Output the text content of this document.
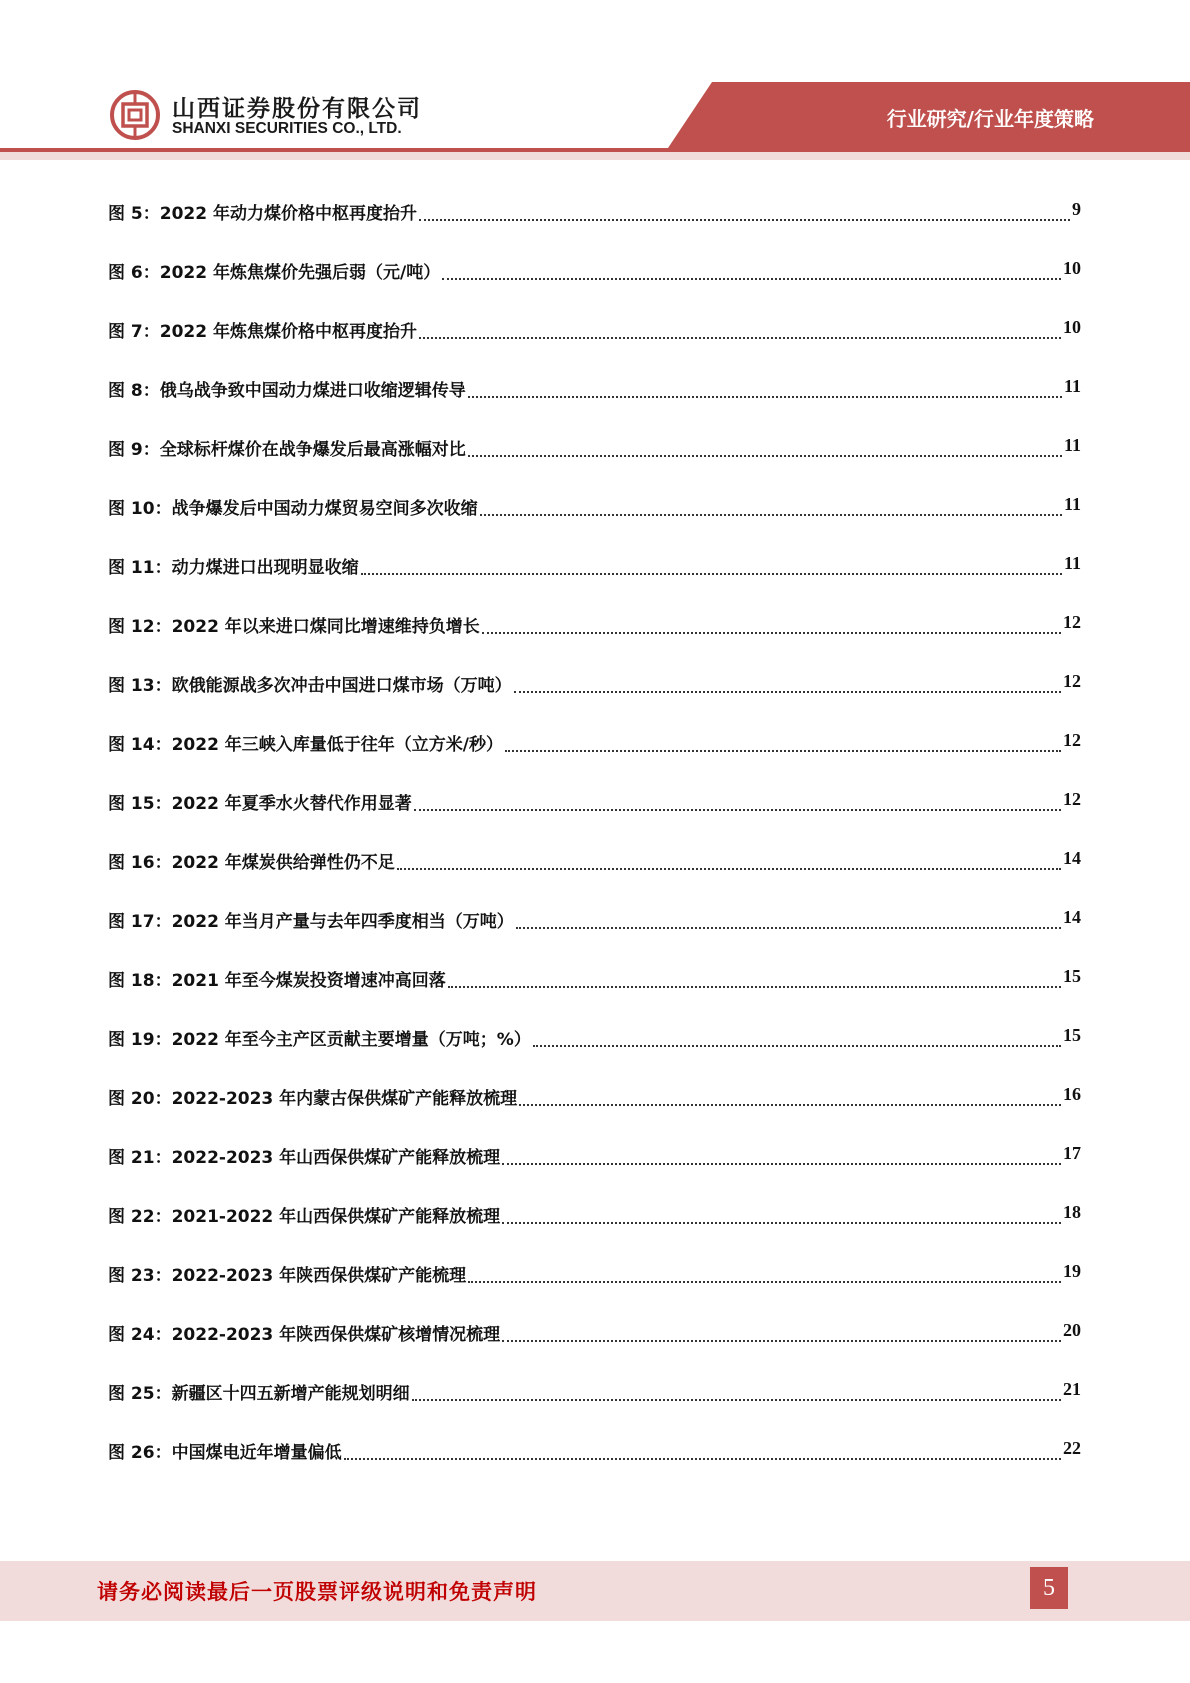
山西证券股份有限公司
SHANXI SECURITIES CO., LTD.	行业研究/行业年度策略
图 5： 2022 年动力煤价格中枢再度抬升	9
图 6： 2022 年炼焦煤价先强后弱（元/吨）	10
图 7： 2022 年炼焦煤价格中枢再度抬升	10
图 8： 俄乌战争致中国动力煤进口收缩逻辑传导	11
图 9： 全球标杆煤价在战争爆发后最高涨幅对比	11
图 10： 战争爆发后中国动力煤贸易空间多次收缩	11
图 11： 动力煤进口出现明显收缩	11
图 12： 2022 年以来进口煤同比增速维持负增长	12
图 13： 欧俄能源战多次冲击中国进口煤市场（万吨）	12
图 14： 2022 年三峡入库量低于往年（立方米/秒）	12
图 15： 2022 年夏季水火替代作用显著	12
图 16： 2022 年煤炭供给弹性仍不足	14
图 17： 2022 年当月产量与去年四季度相当（万吨）	14
图 18： 2021 年至今煤炭投资增速冲高回落	15
图 19： 2022 年至今主产区贡献主要增量（万吨；%）	15
图 20： 2022-2023 年内蒙古保供煤矿产能释放梳理	16
图 21： 2022-2023 年山西保供煤矿产能释放梳理	17
图 22： 2021-2022 年山西保供煤矿产能释放梳理	18
图 23： 2022-2023 年陕西保供煤矿产能梳理	19
图 24： 2022-2023 年陕西保供煤矿核增情况梳理	20
图 25： 新疆区十四五新增产能规划明细	21
图 26： 中国煤电近年增量偏低	22
请务必阅读最后一页股票评级说明和免责声明	5
